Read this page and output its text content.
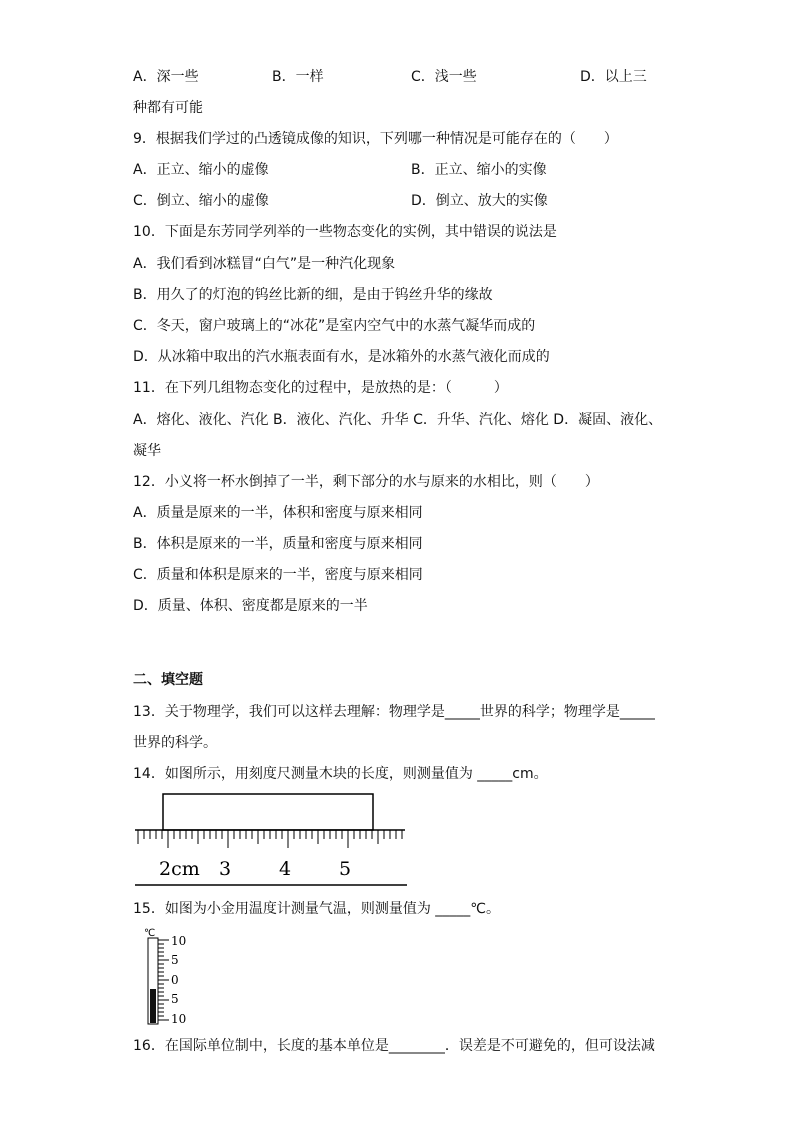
A．深一些	B．一样	C．浅一些	D．以上三
种都有可能
9．根据我们学过的凸透镜成像的知识，下列哪一种情况是可能存在的（　　）
A．正立、缩小的虚像	B．正立、缩小的实像
C．倒立、缩小的虚像	D．倒立、放大的实像
10．下面是东芳同学列举的一些物态变化的实例，其中错误的说法是
A．我们看到冰糕冒“白气”是一种汽化现象
B．用久了的灯泡的钨丝比新的细，是由于钨丝升华的缘故
C．冬天，窗户玻璃上的“冰花”是室内空气中的水蒸气凝华而成的
D．从冰箱中取出的汽水瓶表面有水，是冰箱外的水蒸气液化而成的
11．在下列几组物态变化的过程中，是放热的是：（　　　）
A．熔化、液化、汽化 B．液化、汽化、升华 C．升华、汽化、熔化 D．凝固、液化、
凝华
12．小义将一杯水倒掉了一半，剩下部分的水与原来的水相比，则（　　）
A．质量是原来的一半，体积和密度与原来相同
B．体积是原来的一半，质量和密度与原来相同
C．质量和体积是原来的一半，密度与原来相同
D．质量、体积、密度都是原来的一半
二、填空题
13．关于物理学，我们可以这样去理解：物理学是_____世界的科学；物理学是_____
世界的科学。
14．如图所示，用刻度尺测量木块的长度，则测量值为 _____cm。
2cm 3	4	5
15．如图为小金用温度计测量气温，则测量值为 _____℃。
℃
10
5
0
5
10
16．在国际单位制中，长度的基本单位是________．误差是不可避免的，但可设法减
